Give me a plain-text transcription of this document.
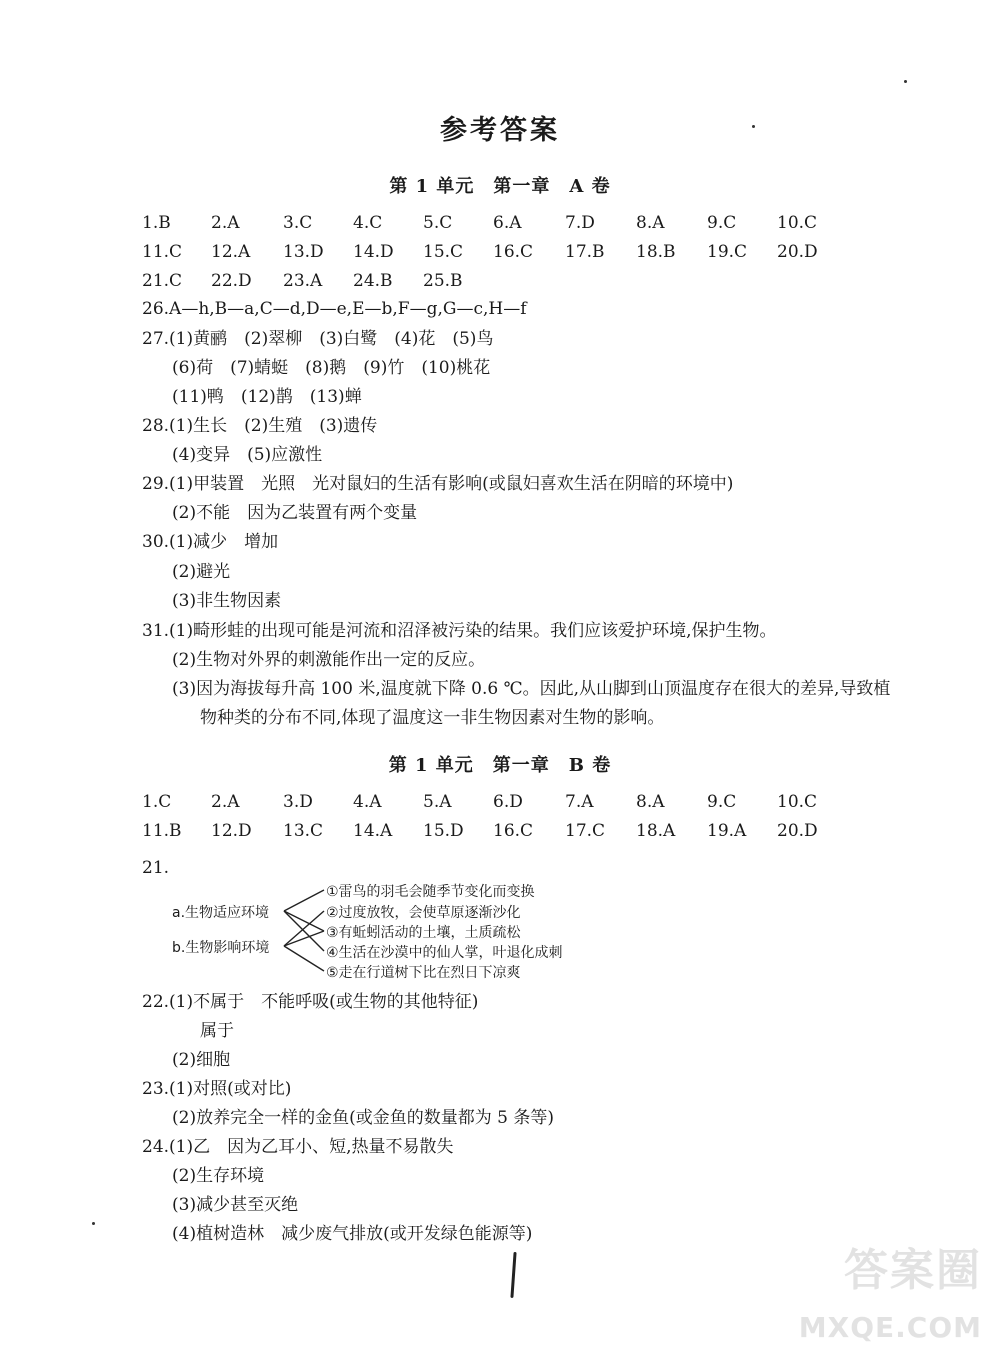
参考答案
第 1 单元　第一章　A 卷
1.B 2.A	3.C 4.C 5.C 6.A	7.D 8.A	9.C 10.C
11.C 12.A 13.D 14.D 15.C 16.C 17.B 18.B 19.C 20.D
21.C 22.D 23.A 24.B 25.B
26.A—h,B—a,C—d,D—e,E—b,F—g,G—c,H—f
27.(1)黄鹂　(2)翠柳　(3)白鹭　(4)花　(5)鸟
(6)荷　(7)蜻蜓　(8)鹅　(9)竹　(10)桃花
(11)鸭　(12)鹊　(13)蝉
28.(1)生长　(2)生殖　(3)遗传
(4)变异　(5)应激性
29.(1)甲装置　光照　光对鼠妇的生活有影响(或鼠妇喜欢生活在阴暗的环境中)
(2)不能　因为乙装置有两个变量
30.(1)减少　增加
(2)避光
(3)非生物因素
31.(1)畸形蛙的出现可能是河流和沼泽被污染的结果。我们应该爱护环境,保护生物。
(2)生物对外界的刺激能作出一定的反应。
(3)因为海拔每升高 100 米,温度就下降 0.6 ℃。因此,从山脚到山顶温度存在很大的差异,导致植
物种类的分布不同,体现了温度这一非生物因素对生物的影响。
第 1 单元　第一章　B 卷
1.C 2.A	3.D 4.A 5.A 6.D 7.A	8.A	9.C 10.C
11.B 12.D 13.C 14.A 15.D 16.C 17.C 18.A 19.A 20.D
21.
a.生物适应环境
b.生物影响环境
①雷鸟的羽毛会随季节变化而变换
②过度放牧，会使草原逐渐沙化
③有蚯蚓活动的土壤，土质疏松
④生活在沙漠中的仙人掌，叶退化成刺
⑤走在行道树下比在烈日下凉爽
22.(1)不属于　不能呼吸(或生物的其他特征)
属于
(2)细胞
23.(1)对照(或对比)
(2)放养完全一样的金鱼(或金鱼的数量都为 5 条等)
24.(1)乙　因为乙耳小、短,热量不易散失
(2)生存环境
(3)减少甚至灭绝
(4)植树造林　减少废气排放(或开发绿色能源等)
答案圈
MXQE.COM
